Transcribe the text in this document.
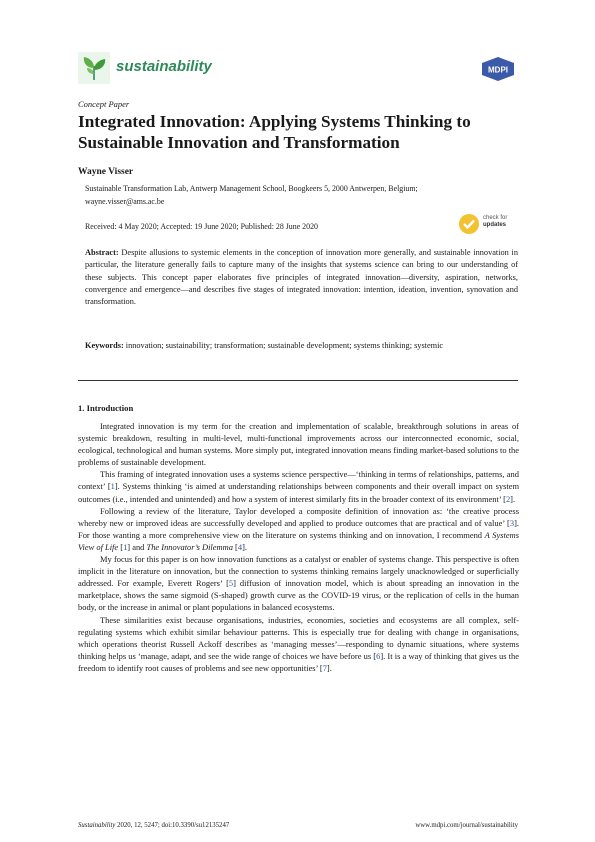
sustainability	MDPI
Concept Paper
Integrated Innovation: Applying Systems Thinking to Sustainable Innovation and Transformation
Wayne Visser
Sustainable Transformation Lab, Antwerp Management School, Boogkeers 5, 2000 Antwerpen, Belgium;
wayne.visser@ams.ac.be
Received: 4 May 2020; Accepted: 19 June 2020; Published: 28 June 2020
check for
updates
Abstract: Despite allusions to systemic elements in the conception of innovation more generally, and sustainable innovation in particular, the literature generally fails to capture many of the insights that systems science can bring to our understanding of these subjects. This concept paper elaborates five principles of integrated innovation—diversity, aspiration, networks, convergence and emergence—and describes five stages of integrated innovation: intention, ideation, invention, synovation and transformation.
Keywords: innovation; sustainability; transformation; sustainable development; systems thinking; systemic
1. Introduction

Integrated innovation is my term for the creation and implementation of scalable, breakthrough solutions in areas of systemic breakdown, resulting in multi-level, multi-functional improvements across our interconnected economic, social, ecological, technological and human systems. More simply put, integrated innovation means finding market-based solutions to the problems of sustainable development.

This framing of integrated innovation uses a systems science perspective—‘thinking in terms of relationships, patterns, and context’ [1]. Systems thinking ‘is aimed at understanding relationships between components and their overall impact on system outcomes (i.e., intended and unintended) and how a system of interest similarly fits in the broader context of its environment’ [2].

Following a review of the literature, Taylor developed a composite definition of innovation as: ‘the creative process whereby new or improved ideas are successfully developed and applied to produce outcomes that are practical and of value’ [3]. For those wanting a more comprehensive view on the literature on systems thinking and on innovation, I recommend A Systems View of Life [1] and The Innovator’s Dilemma [4].

My focus for this paper is on how innovation functions as a catalyst or enabler of systems change. This perspective is often implicit in the literature on innovation, but the connection to systems thinking remains largely unacknowledged or superficially addressed. For example, Everett Rogers’ [5] diffusion of innovation model, which is about spreading an innovation in the marketplace, shows the same sigmoid (S-shaped) growth curve as the COVID-19 virus, or the replication of cells in the human body, or the increase in animal or plant populations in balanced ecosystems.

These similarities exist because organisations, industries, economies, societies and ecosystems are all complex, self-regulating systems which exhibit similar behaviour patterns. This is especially true for dealing with change in organisations, which operations theorist Russell Ackoff describes as ‘managing messes’—responding to dynamic situations, where systems thinking helps us ‘manage, adapt, and see the wide range of choices we have before us [6]. It is a way of thinking that gives us the freedom to identify root causes of problems and see new opportunities’ [7].

Sustainability 2020, 12, 5247; doi:10.3390/su12135247	www.mdpi.com/journal/sustainability
